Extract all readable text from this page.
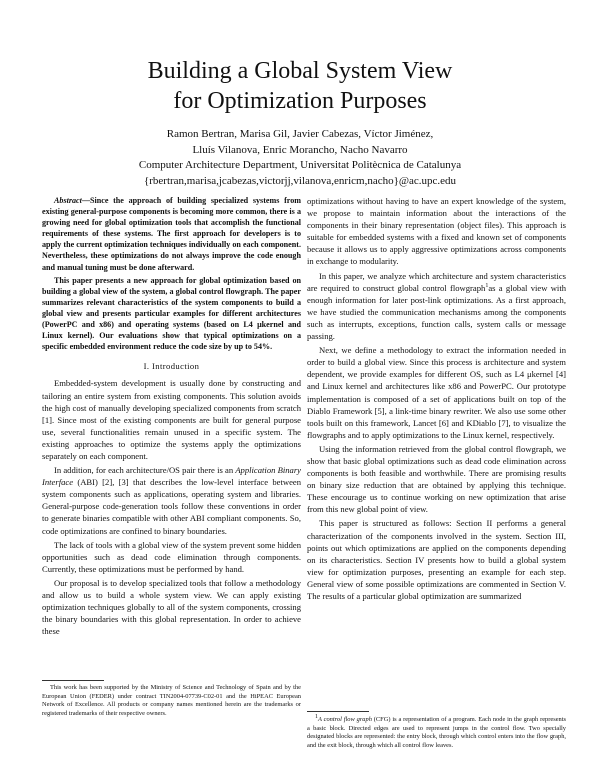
Building a Global System View
for Optimization Purposes
Ramon Bertran, Marisa Gil, Javier Cabezas, Víctor Jiménez,
Lluís Vilanova, Enric Morancho, Nacho Navarro
Computer Architecture Department, Universitat Politècnica de Catalunya
{rbertran,marisa,jcabezas,victorjj,vilanova,enricm,nacho}@ac.upc.edu

Abstract—Since the approach of building specialized systems from existing general-purpose components is becoming more common, there is a growing need for global optimization tools that accomplish the functional requirements of these systems. The first approach for developers is to apply the current optimization techniques individually on each component. Nevertheless, these optimizations do not always improve the code enough and manual tuning must be done afterward.

This paper presents a new approach for global optimization based on building a global view of the system, a global control flowgraph. The paper summarizes relevant characteristics of the system components to build a global view and presents particular examples for different architectures (PowerPC and x86) and operating systems (based on L4 μkernel and Linux kernel). Our evaluations show that typical optimizations on a specific embedded environment reduce the code size by up to 54%.

I. Introduction

Embedded-system development is usually done by constructing and tailoring an entire system from existing components. This solution avoids the high cost of manually developing specialized components from scratch [1]. Since most of the existing components are built for general purpose use, several functionalities remain unused in a specific system. The existing approaches to optimize the systems apply the optimizations separately on each component.

In addition, for each architecture/OS pair there is an Application Binary Interface (ABI) [2], [3] that describes the low-level interface between system components such as applications, operating system and libraries. General-purpose code-generation tools follow these conventions in order to generate binaries compatible with other ABI compliant components. So, code optimizations are confined to binary boundaries.

The lack of tools with a global view of the system prevent some hidden opportunities such as dead code elimination through components. Currently, these optimizations must be performed by hand.

Our proposal is to develop specialized tools that follow a methodology and allow us to build a whole system view. We can apply existing optimization techniques globally to all of the system components, crossing the binary boundaries with this global representation. In order to achieve these

This work has been supported by the Ministry of Science and Technology of Spain and by the European Union (FEDER) under contract TIN2004-07739-C02-01 and the HiPEAC European Network of Excellence. All products or company names mentioned herein are the trademarks or registered trademarks of their respective owners.

optimizations without having to have an expert knowledge of the system, we propose to maintain information about the interactions of the components in their binary representation (object files). This approach is suitable for embedded systems with a fixed and known set of components because it allows us to apply aggressive optimizations across components in exchange to modularity.

In this paper, we analyze which architecture and system characteristics are required to construct global control flowgraph$^1$as a global view with enough information for later post-link optimizations. As a first approach, we have studied the communication mechanisms among the components such as interrupts, exceptions, function calls, system calls or message passing.

Next, we define a methodology to extract the information needed in order to build a global view. Since this process is architecture and system dependent, we provide examples for different OS, such as L4 μkernel [4] and Linux kernel and architectures like x86 and PowerPC. Our prototype implementation is composed of a set of applications built on top of the Diablo Framework [5], a link-time binary rewriter. We also use some other tools built on this framework, Lancet [6] and KDiablo [7], to visualize the flowgraphs and to apply optimizations to the Linux kernel, respectively.

Using the information retrieved from the global control flowgraph, we show that basic global optimizations such as dead code elimination across components is both feasible and worthwhile. There are promising results on binary size reduction that are obtained by applying this technique. These encourage us to continue working on new optimization that arise from this new global point of view.

This paper is structured as follows: Section II performs a general characterization of the components involved in the system. Section III, points out which optimizations are applied on the components depending on its characteristics. Section IV presents how to build a global system view for optimization purposes, presenting an example for each step. General view of some possible optimizations are commented in Section V. The results of a particular global optimization are summarized

$^1$A control flow graph (CFG) is a representation of a program. Each node in the graph represents a basic block. Directed edges are used to represent jumps in the control flow. Two specially designated blocks are represented: the entry block, through which control enters into the flow graph, and the exit block, through which all control flow leaves.
